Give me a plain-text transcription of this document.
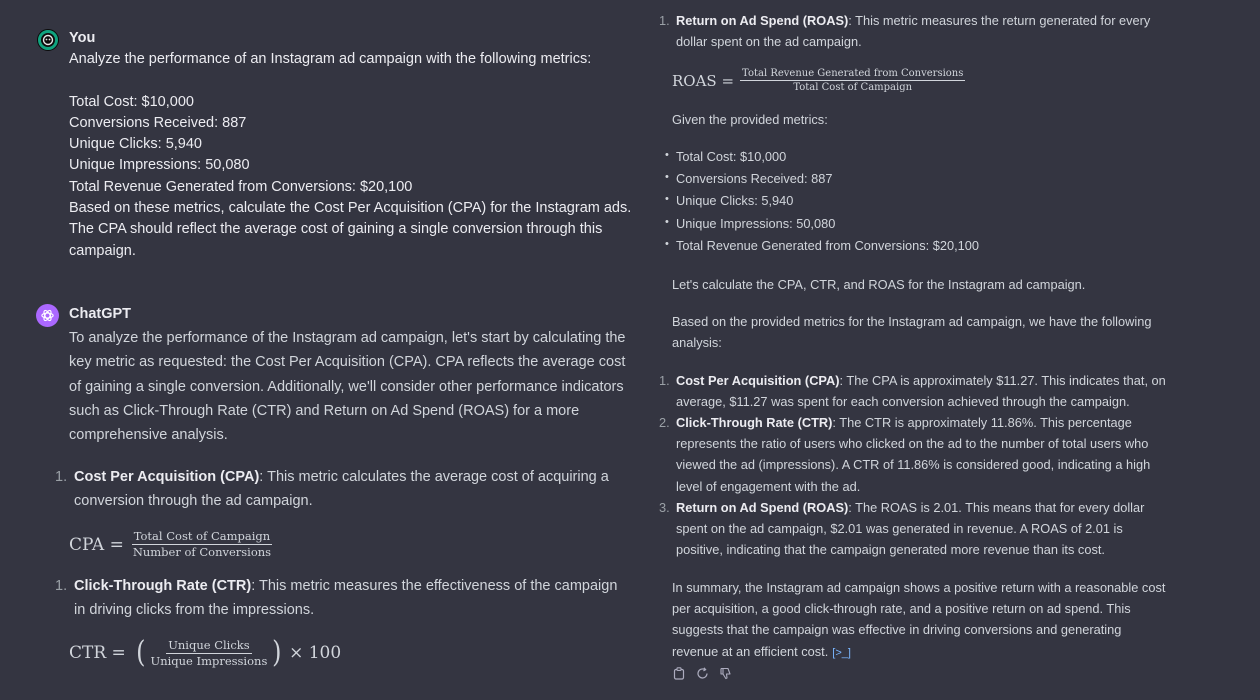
You
Analyze the performance of an Instagram ad campaign with the following metrics:

Total Cost: $10,000
Conversions Received: 887
Unique Clicks: 5,940
Unique Impressions: 50,080
Total Revenue Generated from Conversions: $20,100
Based on these metrics, calculate the Cost Per Acquisition (CPA) for the Instagram ads.
The CPA should reflect the average cost of gaining a single conversion through this
campaign.
ChatGPT
To analyze the performance of the Instagram ad campaign, let's start by calculating the key metric as requested: the Cost Per Acquisition (CPA). CPA reflects the average cost of gaining a single conversion. Additionally, we'll consider other performance indicators such as Click-Through Rate (CTR) and Return on Ad Spend (ROAS) for a more comprehensive analysis.
1. Cost Per Acquisition (CPA): This metric calculates the average cost of acquiring a conversion through the ad campaign.
CPA = $\frac{\text{Total Cost of Campaign}}{\text{Number of Conversions}}$
1. Click-Through Rate (CTR): This metric measures the effectiveness of the campaign in driving clicks from the impressions.
CTR = ( $\frac{\text{Unique Clicks}}{\text{Unique Impressions}}$ ) × 100
1. Return on Ad Spend (ROAS): This metric measures the return generated for every dollar spent on the ad campaign.
ROAS = $\frac{\text{Total Revenue Generated from Conversions}}{\text{Total Cost of Campaign}}$
Given the provided metrics:
• Total Cost: $10,000
• Conversions Received: 887
• Unique Clicks: 5,940
• Unique Impressions: 50,080
• Total Revenue Generated from Conversions: $20,100
Let's calculate the CPA, CTR, and ROAS for the Instagram ad campaign.
Based on the provided metrics for the Instagram ad campaign, we have the following analysis:
1. Cost Per Acquisition (CPA): The CPA is approximately $11.27. This indicates that, on average, $11.27 was spent for each conversion achieved through the campaign.
2. Click-Through Rate (CTR): The CTR is approximately 11.86%. This percentage represents the ratio of users who clicked on the ad to the number of total users who viewed the ad (impressions). A CTR of 11.86% is considered good, indicating a high level of engagement with the ad.
3. Return on Ad Spend (ROAS): The ROAS is 2.01. This means that for every dollar spent on the ad campaign, $2.01 was generated in revenue. A ROAS of 2.01 is positive, indicating that the campaign generated more revenue than its cost.
In summary, the Instagram ad campaign shows a positive return with a reasonable cost per acquisition, a good click-through rate, and a positive return on ad spend. This suggests that the campaign was effective in driving conversions and generating revenue at an efficient cost. [>_]
